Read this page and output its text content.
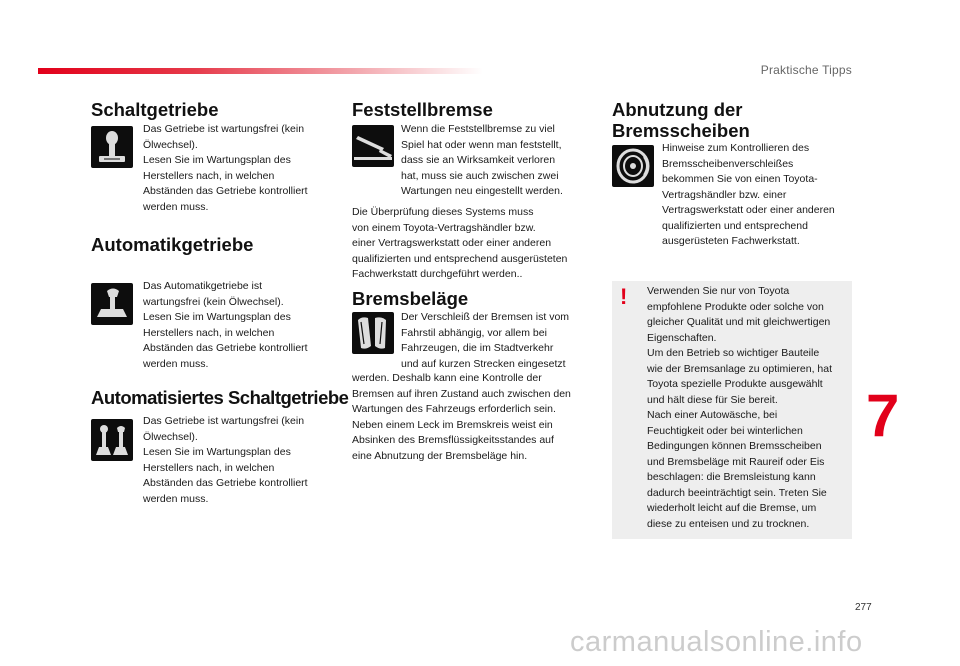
Praktische Tipps
Schaltgetriebe

Das Getriebe ist wartungsfrei (kein

Ölwechsel).

Lesen Sie im Wartungsplan des

Herstellers nach, in welchen

Abständen das Getriebe kontrolliert

werden muss.

Automatikgetriebe

Das Automatikgetriebe ist

wartungsfrei (kein Ölwechsel).

Lesen Sie im Wartungsplan des

Herstellers nach, in welchen

Abständen das Getriebe kontrolliert

werden muss.

Automatisiertes Schaltgetriebe

Das Getriebe ist wartungsfrei (kein

Ölwechsel).

Lesen Sie im Wartungsplan des

Herstellers nach, in welchen

Abständen das Getriebe kontrolliert

werden muss.

Feststellbremse

Wenn die Feststellbremse zu viel

Spiel hat oder wenn man feststellt,

dass sie an Wirksamkeit verloren

hat, muss sie auch zwischen zwei

Wartungen neu eingestellt werden.

Die Überprüfung dieses Systems muss

von einem Toyota-Vertragshändler bzw.

einer Vertragswerkstatt oder einer anderen

qualifizierten und entsprechend ausgerüsteten

Fachwerkstatt durchgeführt werden..

Bremsbeläge

Der Verschleiß der Bremsen ist vom

Fahrstil abhängig, vor allem bei

Fahrzeugen, die im Stadtverkehr

und auf kurzen Strecken eingesetzt

werden. Deshalb kann eine Kontrolle der

Bremsen auf ihren Zustand auch zwischen den

Wartungen des Fahrzeugs erforderlich sein.

Neben einem Leck im Bremskreis weist ein

Absinken des Bremsflüssigkeitsstandes auf

eine Abnutzung der Bremsbeläge hin.

Abnutzung der
Bremsscheiben

Hinweise zum Kontrollieren des

Bremsscheibenverschleißes

bekommen Sie von einen Toyota-

Vertragshändler bzw. einer

Vertragswerkstatt oder einer anderen

qualifizierten und entsprechend

ausgerüsteten Fachwerkstatt.

! Verwenden Sie nur von Toyota

empfohlene Produkte oder solche von

gleicher Qualität und mit gleichwertigen

Eigenschaften.

Um den Betrieb so wichtiger Bauteile

wie der Bremsanlage zu optimieren, hat

Toyota spezielle Produkte ausgewählt

und hält diese für Sie bereit.

Nach einer Autowäsche, bei

Feuchtigkeit oder bei winterlichen

Bedingungen können Bremsscheiben

und Bremsbeläge mit Raureif oder Eis

beschlagen: die Bremsleistung kann

dadurch beeinträchtigt sein. Treten Sie

wiederholt leicht auf die Bremse, um

diese zu enteisen und zu trocknen.

7
277
carmanualsonline.info
